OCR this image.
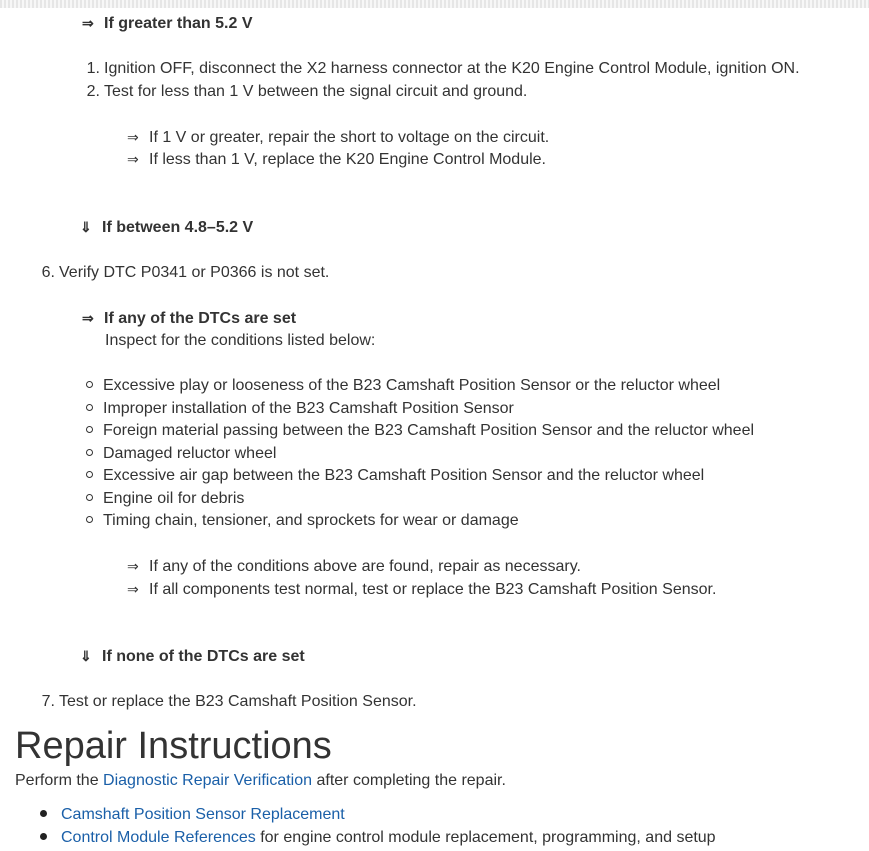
⇒ If greater than 5.2 V
1. Ignition OFF, disconnect the X2 harness connector at the K20 Engine Control Module, ignition ON.
2. Test for less than 1 V between the signal circuit and ground.
⇒ If 1 V or greater, repair the short to voltage on the circuit.
⇒ If less than 1 V, replace the K20 Engine Control Module.
⇓ If between 4.8–5.2 V
6. Verify DTC P0341 or P0366 is not set.
⇒ If any of the DTCs are set
Inspect for the conditions listed below:
Excessive play or looseness of the B23 Camshaft Position Sensor or the reluctor wheel
Improper installation of the B23 Camshaft Position Sensor
Foreign material passing between the B23 Camshaft Position Sensor and the reluctor wheel
Damaged reluctor wheel
Excessive air gap between the B23 Camshaft Position Sensor and the reluctor wheel
Engine oil for debris
Timing chain, tensioner, and sprockets for wear or damage
⇒ If any of the conditions above are found, repair as necessary.
⇒ If all components test normal, test or replace the B23 Camshaft Position Sensor.
⇓ If none of the DTCs are set
7. Test or replace the B23 Camshaft Position Sensor.
Repair Instructions
Perform the Diagnostic Repair Verification after completing the repair.
Camshaft Position Sensor Replacement
Control Module References for engine control module replacement, programming, and setup
